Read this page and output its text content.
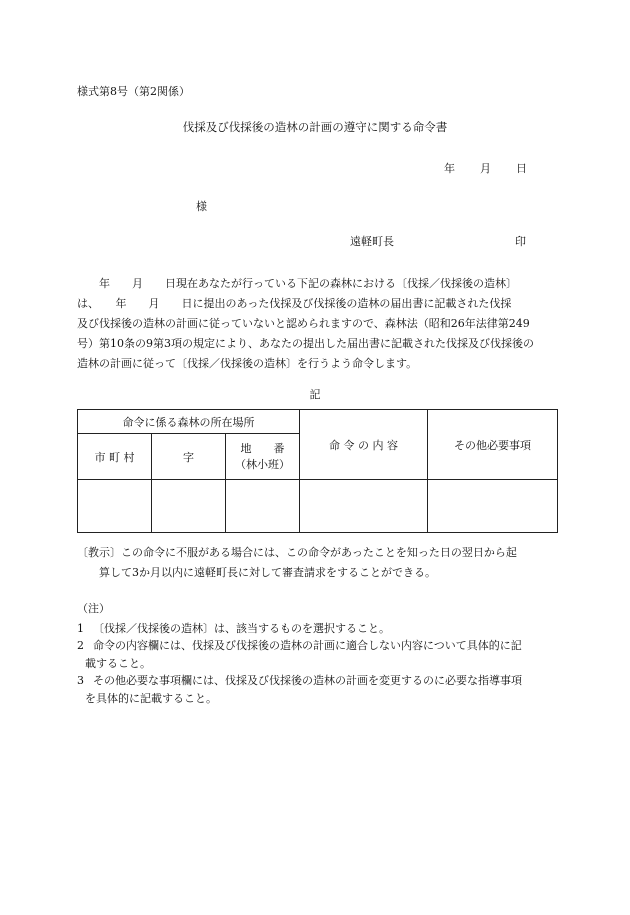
様式第8号（第2関係）
伐採及び伐採後の造林の計画の遵守に関する命令書
年 月 日
様
遠軽町長	印

　　年　　月　　日現在あなたが行っている下記の森林における〔伐採／伐採後の造林〕

は、　　年　　月　　日に提出のあった伐採及び伐採後の造林の届出書に記載された伐採

及び伐採後の造林の計画に従っていないと認められますので、森林法（昭和26年法律第249

号）第10条の9第3項の規定により、あなたの提出した届出書に記載された伐採及び伐採後の

造林の計画に従って〔伐採／伐採後の造林〕を行うよう命令します。

記
命令に係る森林の所在場所			命 令 の 内 容	その他必要事項
市 町 村	字	地　　番
（林小班）		

〔教示〕この命令に不服がある場合には、この命令があったことを知った日の翌日から起
算して3か月以内に遠軽町長に対して審査請求をすることができる。

（注）

1 〔伐採／伐採後の造林〕は、該当するものを選択すること。
2 命令の内容欄には、伐採及び伐採後の造林の計画に適合しない内容について具体的に記
載すること。
3 その他必要な事項欄には、伐採及び伐採後の造林の計画を変更するのに必要な指導事項
を具体的に記載すること。
